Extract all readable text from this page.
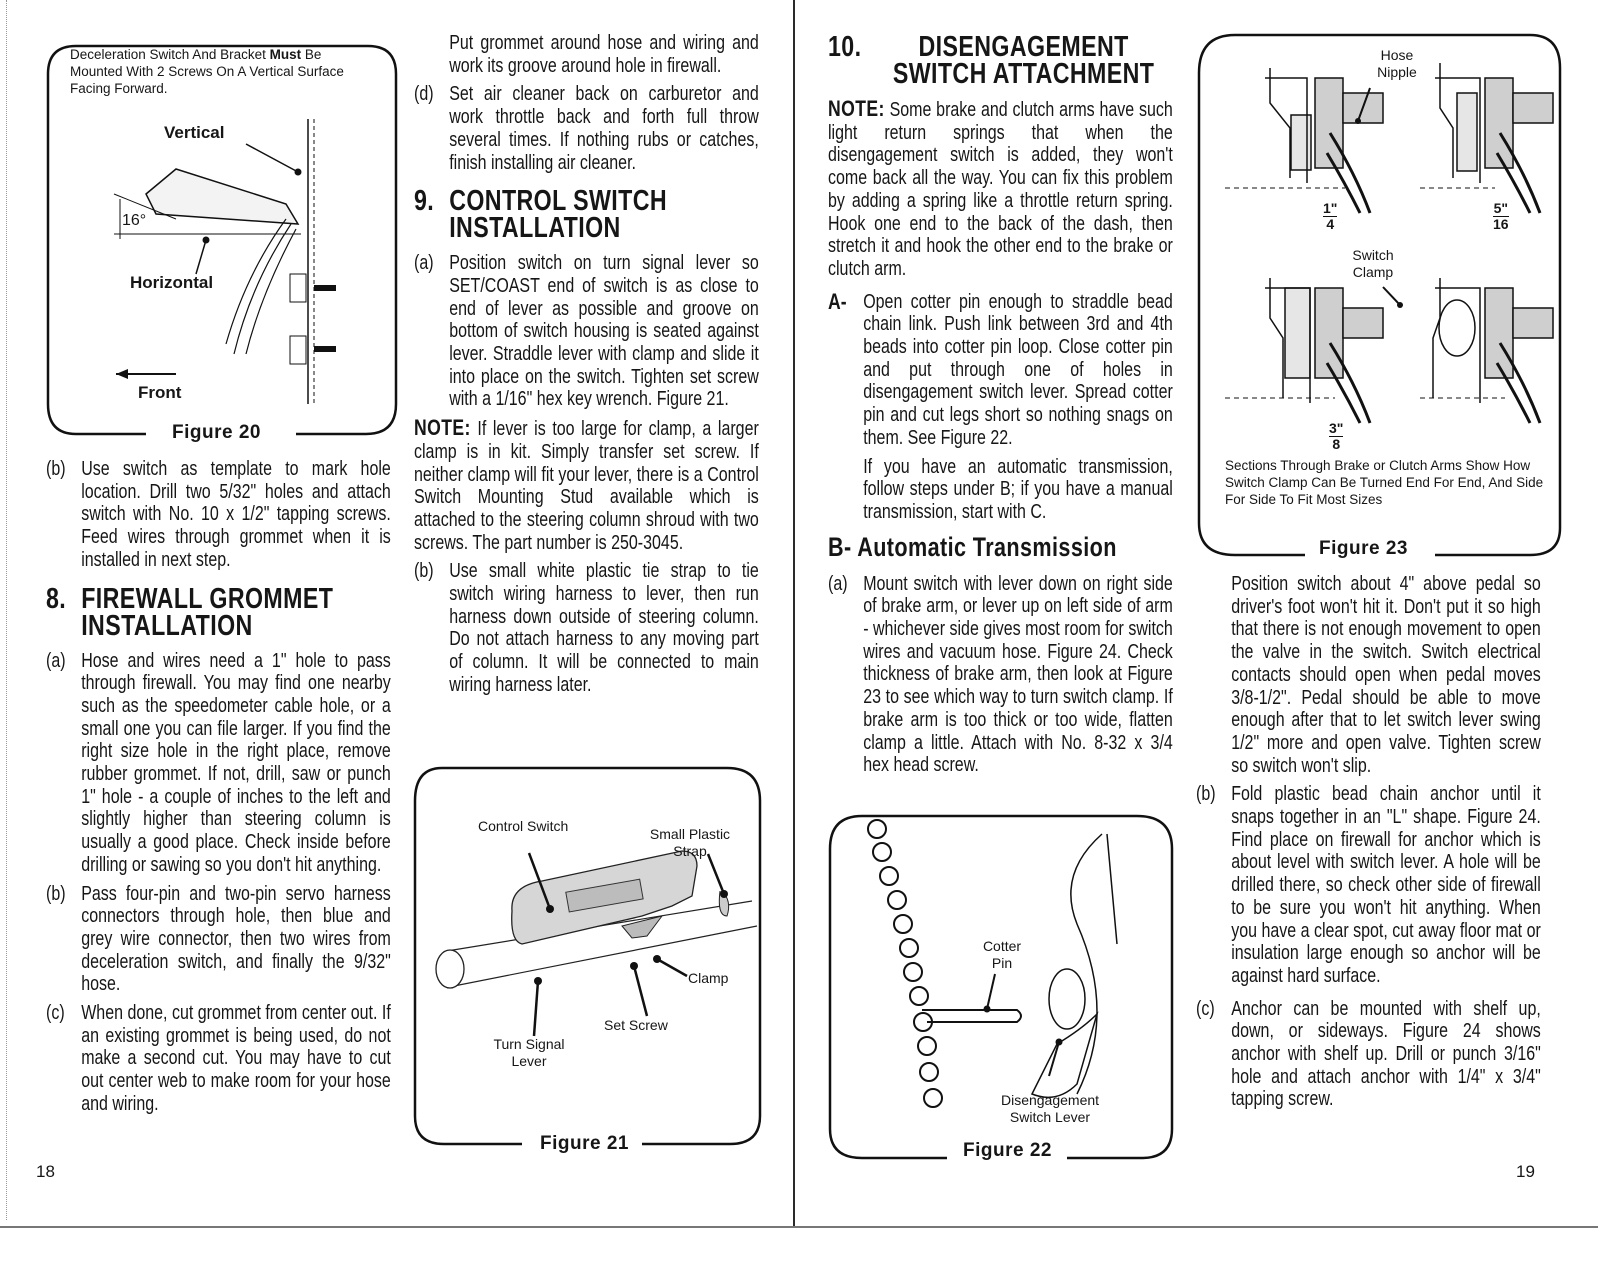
Deceleration Switch And Bracket Must Be Mounted With 2 Screws On A Vertical Surface Facing Forward.
Vertical
16°
Horizontal
Front
Figure 20
(b) Use switch as template to mark hole location. Drill two 5/32" holes and attach switch with No. 10 x 1/2" tapping screws. Feed wires through grommet when it is installed in next step.
8. FIREWALL GROMMET INSTALLATION
(a) Hose and wires need a 1" hole to pass through firewall. You may find one nearby such as the speedometer cable hole, or a small one you can file larger. If you find the right size hole in the right place, remove rubber grommet. If not, drill, saw or punch 1" hole - a couple of inches to the left and slightly higher than steering column is usually a good place. Check inside before drilling or sawing so you don't hit anything.
(b) Pass four-pin and two-pin servo harness connectors through hole, then blue and grey wire connector, then two wires from deceleration switch, and finally the 9/32" hose.
(c) When done, cut grommet from center out. If an existing grommet is being used, do not make a second cut. You may have to cut out center web to make room for your hose and wiring.
18
Put grommet around hose and wiring and work its groove around hole in firewall.
(d) Set air cleaner back on carburetor and work throttle back and forth full throw several times. If nothing rubs or catches, finish installing air cleaner.
9. CONTROL SWITCH INSTALLATION
(a) Position switch on turn signal lever so SET/COAST end of switch is as close to end of lever as possible and groove on bottom of switch housing is seated against lever. Straddle lever with clamp and slide it into place on the switch. Tighten set screw with a 1/16" hex key wrench. Figure 21.
NOTE: If lever is too large for clamp, a larger clamp is in kit. Simply transfer set screw. If neither clamp will fit your lever, there is a Control Switch Mounting Stud available which is attached to the steering column shroud with two screws. The part number is 250-3045.
(b) Use small white plastic tie strap to tie switch wiring harness to lever, then run harness down outside of steering column. Do not attach harness to any moving part of column. It will be connected to main wiring harness later.
Control Switch	Small Plastic Strap
Clamp
Set Screw
Turn Signal Lever
Figure 21
10.	DISENGAGEMENT SWITCH ATTACHMENT
NOTE: Some brake and clutch arms have such light return springs that when the disengagement switch is added, they won't come back all the way. You can fix this problem by adding a spring like a throttle return spring. Hook one end to the back of the dash, then stretch it and hook the other end to the brake or clutch arm.
A- Open cotter pin enough to straddle bead chain link. Push link between 3rd and 4th beads into cotter pin loop. Close cotter pin and put through one of holes in disengagement switch lever. Spread cotter pin and cut legs short so nothing snags on them. See Figure 22.
If you have an automatic transmission, follow steps under B; if you have a manual transmission, start with C.
B- Automatic Transmission
(a) Mount switch with lever down on right side of brake arm, or lever up on left side of arm - whichever side gives most room for switch wires and vacuum hose. Figure 24. Check thickness of brake arm, then look at Figure 23 to see which way to turn switch clamp. If brake arm is too thick or too wide, flatten clamp a little. Attach with No. 8-32 x 3/4 hex head screw.
Cotter Pin
Disengagement Switch Lever
Figure 22
Hose Nipple
Switch Clamp
$\frac{1"}{4}$	$\frac{5"}{16}$
$\frac{3"}{8}$
Sections Through Brake or Clutch Arms Show How Switch Clamp Can Be Turned End For End, And Side For Side To Fit Most Sizes
Figure 23
Position switch about 4" above pedal so driver's foot won't hit it. Don't put it so high that there is not enough movement to open the valve in the switch. Switch electrical contacts should open when pedal moves 3/8-1/2". Pedal should be able to move enough after that to let switch lever swing 1/2" more and open valve. Tighten screw so switch won't slip.
(b) Fold plastic bead chain anchor until it snaps together in an "L" shape. Figure 24. Find place on firewall for anchor which is about level with switch lever. A hole will be drilled there, so check other side of firewall to be sure you won't hit anything. When you have a clear spot, cut away floor mat or insulation large enough so anchor will be against hard surface.
(c) Anchor can be mounted with shelf up, down, or sideways. Figure 24 shows anchor with shelf up. Drill or punch 3/16" hole and attach anchor with 1/4" x 3/4" tapping screw.
19
